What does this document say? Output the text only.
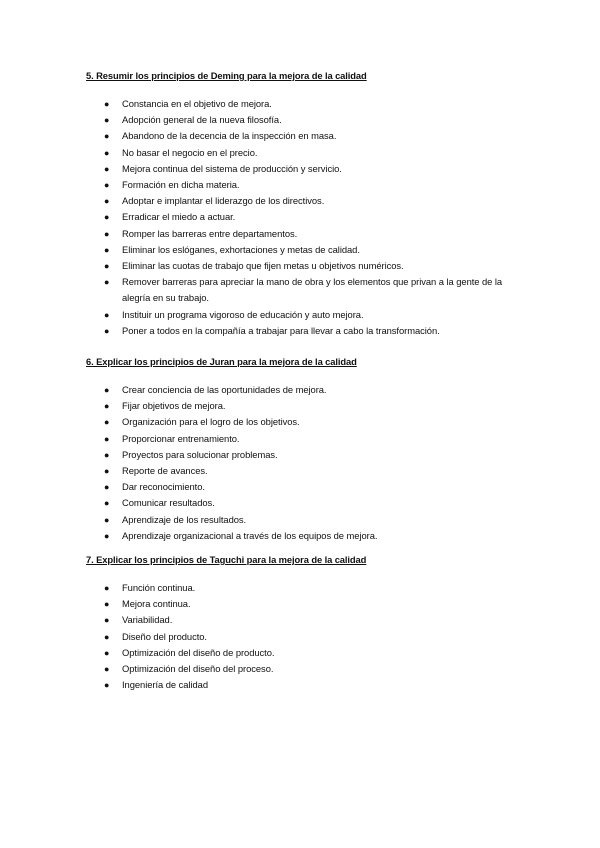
5. Resumir los principios de Deming para la mejora de la calidad

● Constancia en el objetivo de mejora.
● Adopción general de la nueva filosofía.
● Abandono de la decencia de la inspección en masa.
● No basar el negocio en el precio.
● Mejora continua del sistema de producción y servicio.
● Formación en dicha materia.
● Adoptar e implantar el liderazgo de los directivos.
● Erradicar el miedo a actuar.
● Romper las barreras entre departamentos.
● Eliminar los eslóganes, exhortaciones y metas de calidad.
● Eliminar las cuotas de trabajo que fijen metas u objetivos numéricos.
● Remover barreras para apreciar la mano de obra y los elementos que privan a la gente de la alegría en su trabajo.
● Instituir un programa vigoroso de educación y auto mejora.
● Poner a todos en la compañía a trabajar para llevar a cabo la transformación.

6. Explicar los principios de Juran para la mejora de la calidad

● Crear conciencia de las oportunidades de mejora.
● Fijar objetivos de mejora.
● Organización para el logro de los objetivos.
● Proporcionar entrenamiento.
● Proyectos para solucionar problemas.
● Reporte de avances.
● Dar reconocimiento.
● Comunicar resultados.
● Aprendizaje de los resultados.
● Aprendizaje organizacional a través de los equipos de mejora.

7. Explicar los principios de Taguchi para la mejora de la calidad

● Función continua.
● Mejora continua.
● Variabilidad.
● Diseño del producto.
● Optimización del diseño de producto.
● Optimización del diseño del proceso.
● Ingeniería de calidad
